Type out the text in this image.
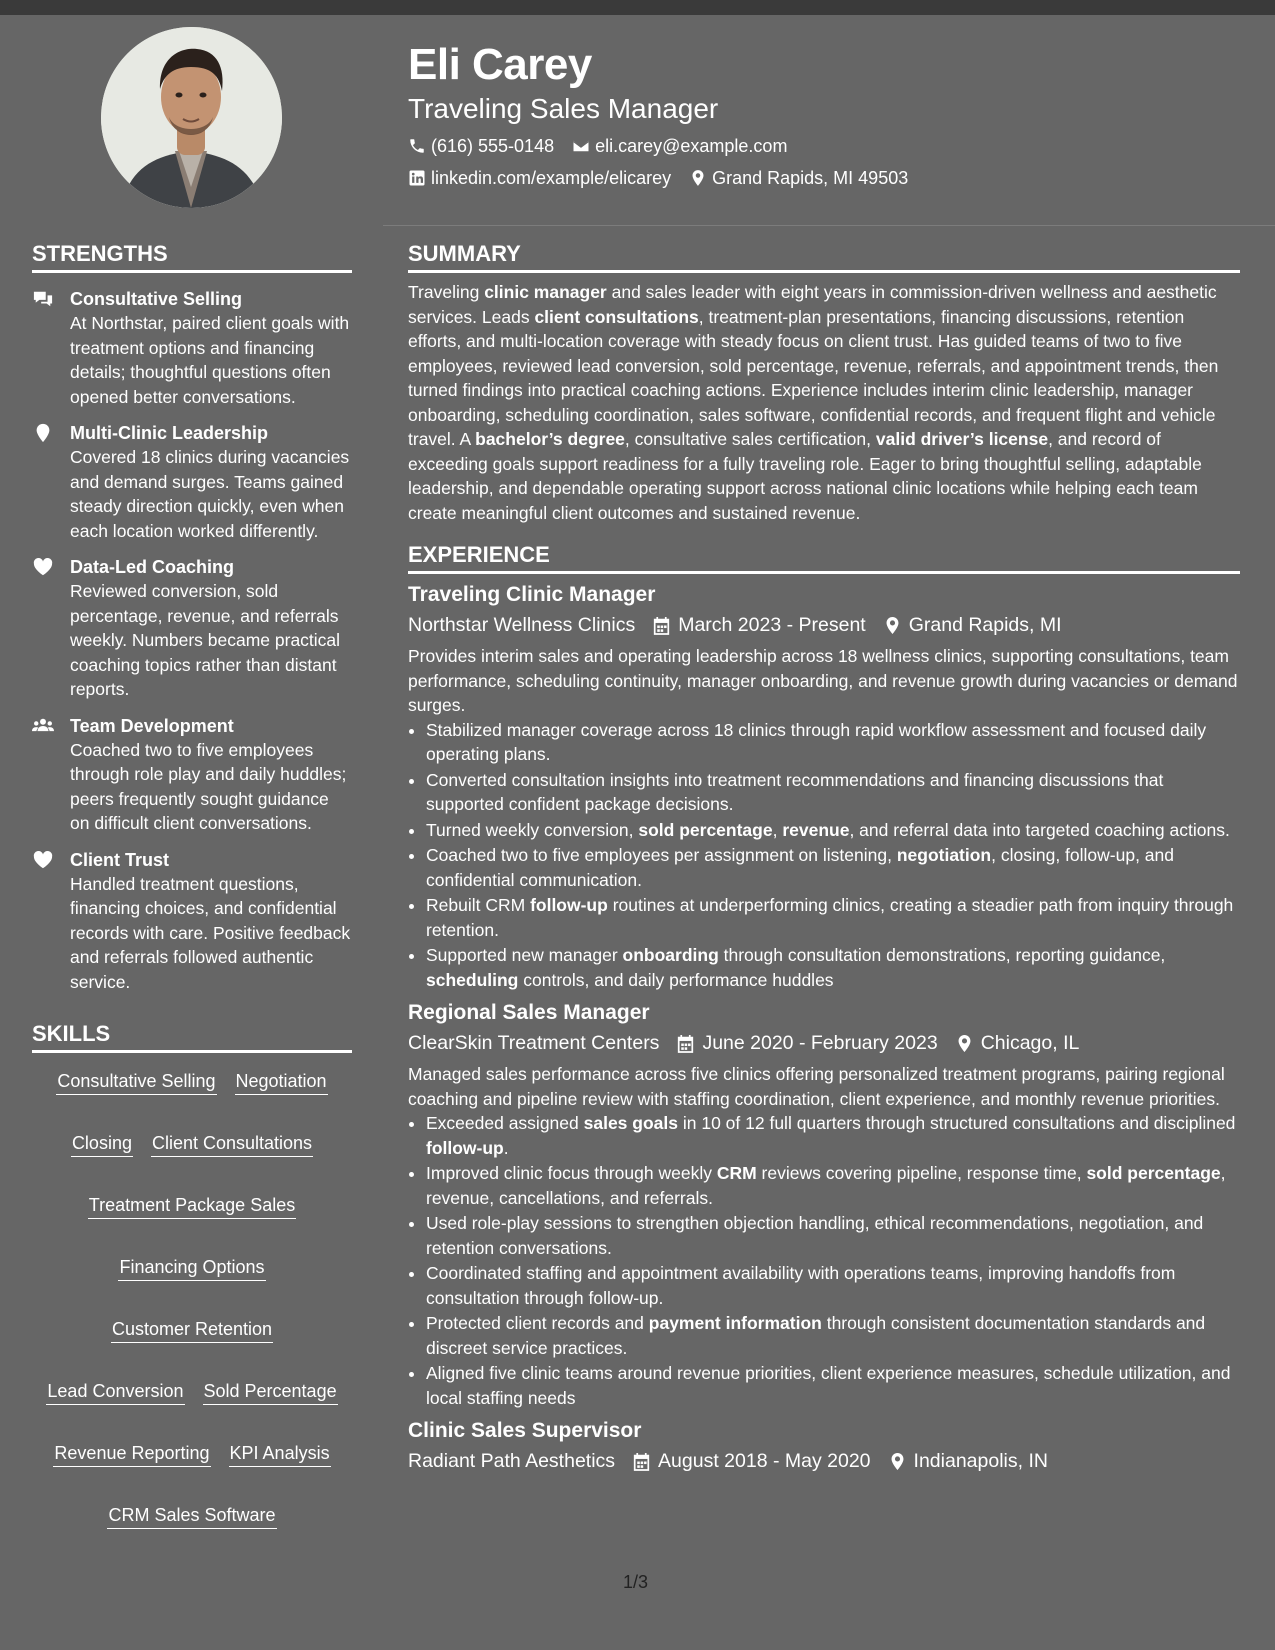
Eli Carey
Traveling Sales Manager
(616) 555-0148 eli.carey@example.com
linkedin.com/example/elicarey Grand Rapids, MI 49503
STRENGTHS
Consultative Selling
At Northstar, paired client goals with treatment options and financing details; thoughtful questions often opened better conversations.
Multi-Clinic Leadership
Covered 18 clinics during vacancies and demand surges. Teams gained steady direction quickly, even when each location worked differently.
Data-Led Coaching
Reviewed conversion, sold percentage, revenue, and referrals weekly. Numbers became practical coaching topics rather than distant reports.
Team Development
Coached two to five employees through role play and daily huddles; peers frequently sought guidance on difficult client conversations.
Client Trust
Handled treatment questions, financing choices, and confidential records with care. Positive feedback and referrals followed authentic service.
SKILLS
Consultative Selling Negotiation
Closing Client Consultations
Treatment Package Sales
Financing Options
Customer Retention
Lead Conversion Sold Percentage
Revenue Reporting KPI Analysis
CRM Sales Software
SUMMARY
Traveling clinic manager and sales leader with eight years in commission-driven wellness and aesthetic services. Leads client consultations, treatment-plan presentations, financing discussions, retention efforts, and multi-location coverage with steady focus on client trust. Has guided teams of two to five employees, reviewed lead conversion, sold percentage, revenue, referrals, and appointment trends, then turned findings into practical coaching actions. Experience includes interim clinic leadership, manager onboarding, scheduling coordination, sales software, confidential records, and frequent flight and vehicle travel. A bachelor’s degree, consultative sales certification, valid driver’s license, and record of exceeding goals support readiness for a fully traveling role. Eager to bring thoughtful selling, adaptable leadership, and dependable operating support across national clinic locations while helping each team create meaningful client outcomes and sustained revenue.
EXPERIENCE
Traveling Clinic Manager
Northstar Wellness Clinics March 2023 - Present Grand Rapids, MI
Provides interim sales and operating leadership across 18 wellness clinics, supporting consultations, team performance, scheduling continuity, manager onboarding, and revenue growth during vacancies or demand surges.
• Stabilized manager coverage across 18 clinics through rapid workflow assessment and focused daily operating plans.
• Converted consultation insights into treatment recommendations and financing discussions that supported confident package decisions.
• Turned weekly conversion, sold percentage, revenue, and referral data into targeted coaching actions.
• Coached two to five employees per assignment on listening, negotiation, closing, follow-up, and confidential communication.
• Rebuilt CRM follow-up routines at underperforming clinics, creating a steadier path from inquiry through retention.
• Supported new manager onboarding through consultation demonstrations, reporting guidance, scheduling controls, and daily performance huddles
Regional Sales Manager
ClearSkin Treatment Centers June 2020 - February 2023 Chicago, IL
Managed sales performance across five clinics offering personalized treatment programs, pairing regional coaching and pipeline review with staffing coordination, client experience, and monthly revenue priorities.
• Exceeded assigned sales goals in 10 of 12 full quarters through structured consultations and disciplined follow-up.
• Improved clinic focus through weekly CRM reviews covering pipeline, response time, sold percentage, revenue, cancellations, and referrals.
• Used role-play sessions to strengthen objection handling, ethical recommendations, negotiation, and retention conversations.
• Coordinated staffing and appointment availability with operations teams, improving handoffs from consultation through follow-up.
• Protected client records and payment information through consistent documentation standards and discreet service practices.
• Aligned five clinic teams around revenue priorities, client experience measures, schedule utilization, and local staffing needs
Clinic Sales Supervisor
Radiant Path Aesthetics August 2018 - May 2020 Indianapolis, IN
1/3
